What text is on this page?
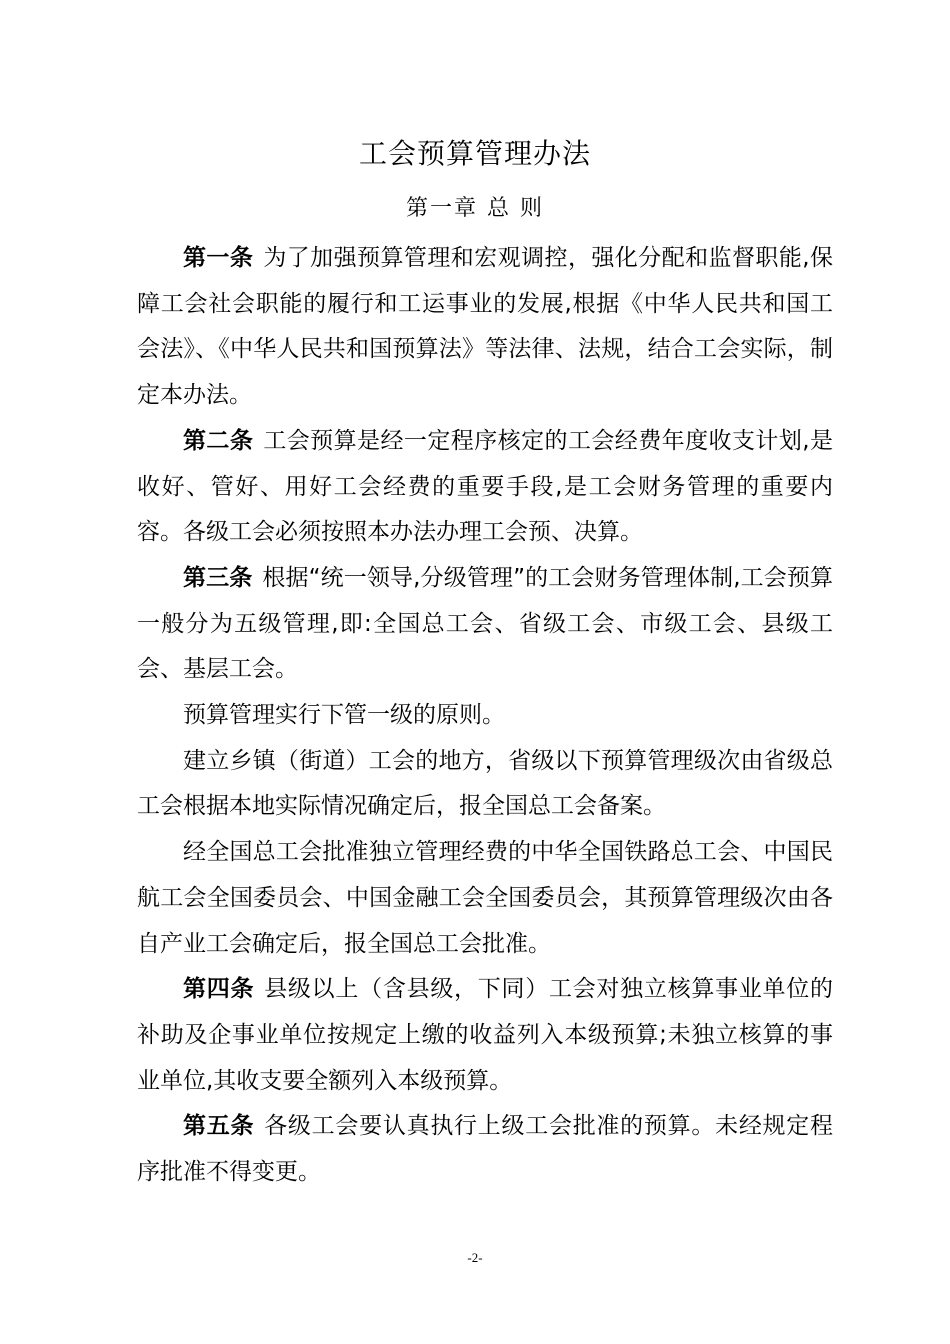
工会预算管理办法
第一章 总 则

第一条 为了加强预算管理和宏观调控，强化分配和监督职能,保障工会社会职能的履行和工运事业的发展,根据《中华人民共和国工会法》、《中华人民共和国预算法》等法律、法规，结合工会实际，制定本办法。

第二条 工会预算是经一定程序核定的工会经费年度收支计划,是收好、管好、用好工会经费的重要手段,是工会财务管理的重要内容。各级工会必须按照本办法办理工会预、决算。

第三条 根据“统一领导,分级管理”的工会财务管理体制,工会预算一般分为五级管理,即:全国总工会、省级工会、市级工会、县级工会、基层工会。

预算管理实行下管一级的原则。

建立乡镇（街道）工会的地方，省级以下预算管理级次由省级总工会根据本地实际情况确定后，报全国总工会备案。

经全国总工会批准独立管理经费的中华全国铁路总工会、中国民航工会全国委员会、中国金融工会全国委员会，其预算管理级次由各自产业工会确定后，报全国总工会批准。

第四条 县级以上（含县级，下同）工会对独立核算事业单位的补助及企事业单位按规定上缴的收益列入本级预算;未独立核算的事业单位,其收支要全额列入本级预算。

第五条 各级工会要认真执行上级工会批准的预算。未经规定程序批准不得变更。

-2-
